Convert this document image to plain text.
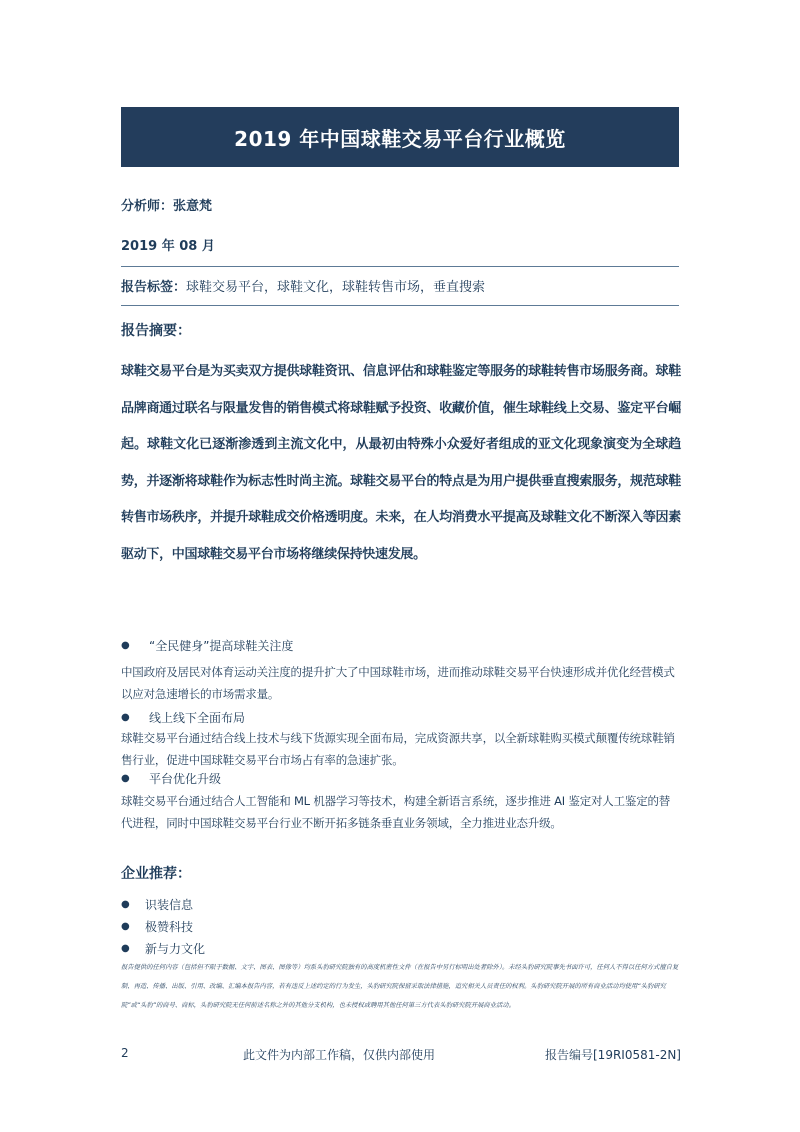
2019 年中国球鞋交易平台行业概览
分析师：张意梵
2019 年 08 月
报告标签：球鞋交易平台，球鞋文化，球鞋转售市场，垂直搜索
报告摘要：
球鞋交易平台是为买卖双方提供球鞋资讯、信息评估和球鞋鉴定等服务的球鞋转售市场服务商。球鞋品牌商通过联名与限量发售的销售模式将球鞋赋予投资、收藏价值，催生球鞋线上交易、鉴定平台崛起。球鞋文化已逐渐渗透到主流文化中，从最初由特殊小众爱好者组成的亚文化现象演变为全球趋势，并逐渐将球鞋作为标志性时尚主流。球鞋交易平台的特点是为用户提供垂直搜索服务，规范球鞋转售市场秩序，并提升球鞋成交价格透明度。未来，在人均消费水平提高及球鞋文化不断深入等因素驱动下，中国球鞋交易平台市场将继续保持快速发展。
●	“全民健身”提高球鞋关注度
中国政府及居民对体育运动关注度的提升扩大了中国球鞋市场，进而推动球鞋交易平台快速形成并优化经营模式以应对急速增长的市场需求量。
●	线上线下全面布局
球鞋交易平台通过结合线上技术与线下货源实现全面布局，完成资源共享，以全新球鞋购买模式颠覆传统球鞋销售行业，促进中国球鞋交易平台市场占有率的急速扩张。
●	平台优化升级
球鞋交易平台通过结合人工智能和 ML 机器学习等技术，构建全新语言系统，逐步推进 AI 鉴定对人工鉴定的替代进程，同时中国球鞋交易平台行业不断开拓多链条垂直业务领域，全力推进业态升级。
企业推荐：
●	识装信息
●	极赞科技
●	新与力文化
报告提供的任何内容（包括但不限于数据、文字、图表、图像等）均系头豹研究院独有的高度机密性文件（在报告中另行标明出处者除外）。未经头豹研究院事先书面许可，任何人不得以任何方式擅自复制、再造、传播、出版、引用、改编、汇编本报告内容，若有违反上述约定的行为发生，头豹研究院保留采取法律措施，追究相关人员责任的权利。头豹研究院开展的所有商业活动均使用“头豹研究院”或“头豹”的商号、商标，头豹研究院无任何前述名称之外的其他分支机构，也未授权或聘用其他任何第三方代表头豹研究院开展商业活动。
2	此文件为内部工作稿，仅供内部使用	报告编号[19RI0581-2N]
